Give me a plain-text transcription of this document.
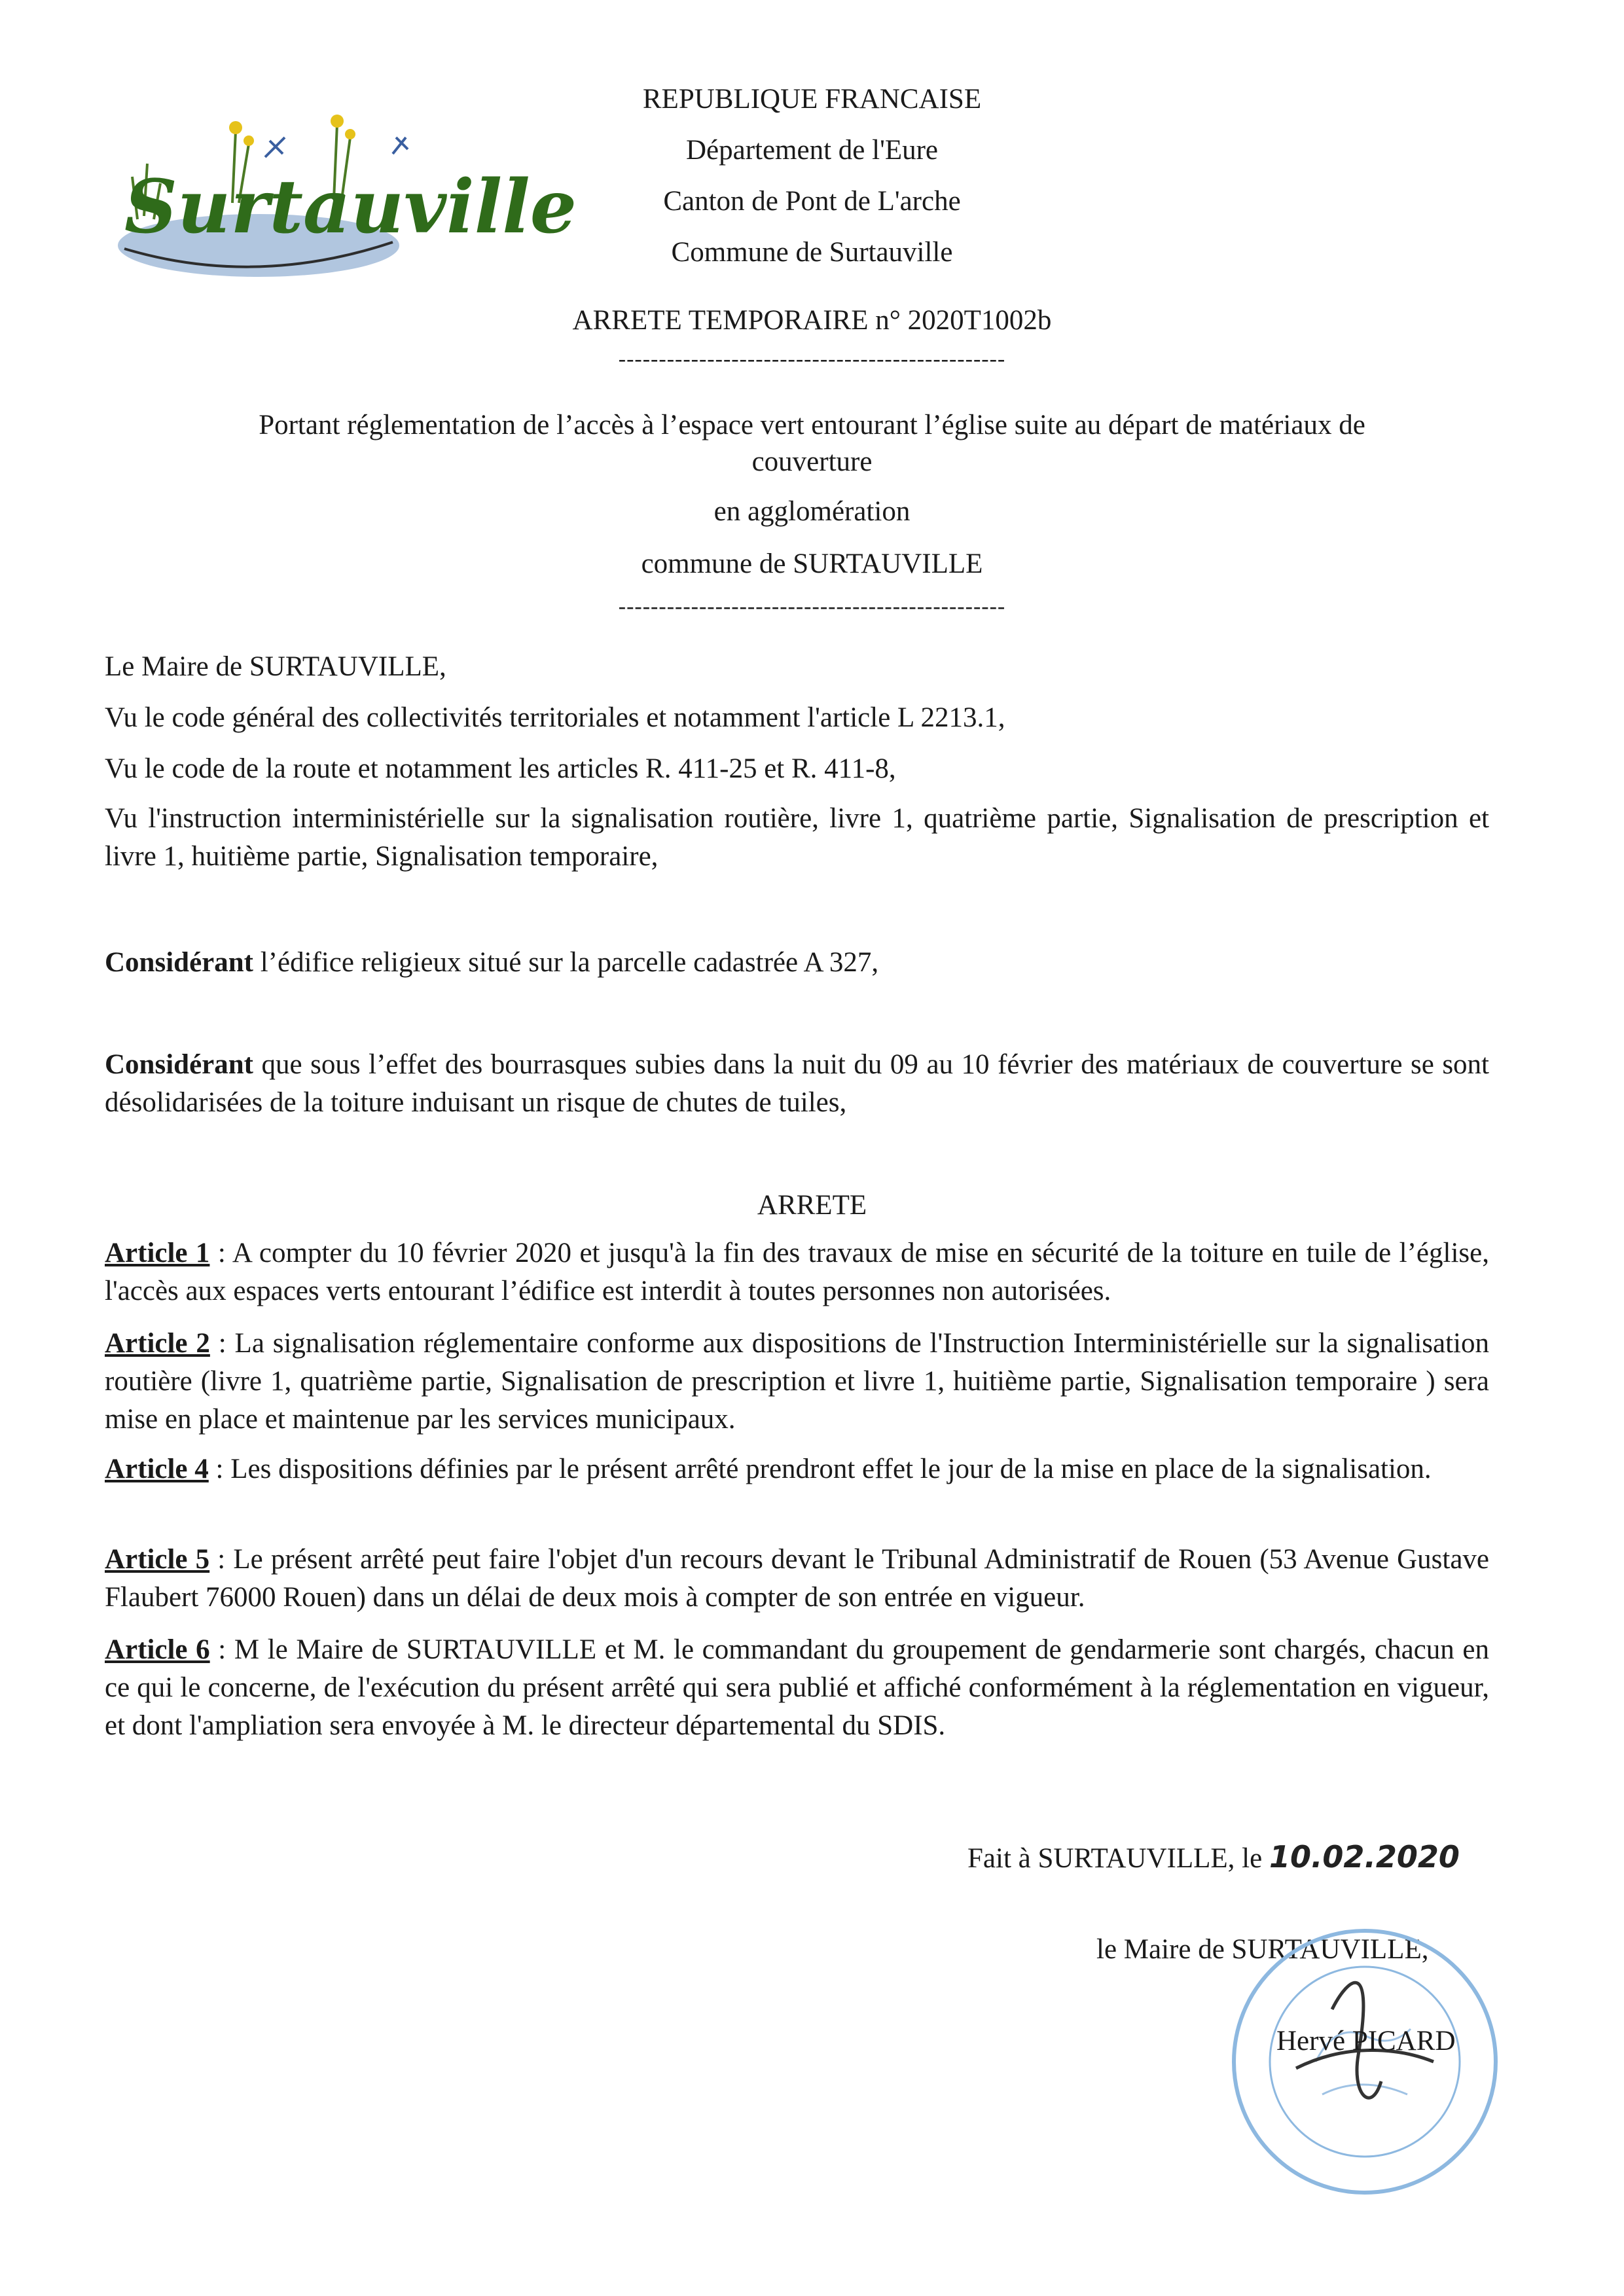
Surtauville
REPUBLIQUE FRANCAISE
Département de l'Eure
Canton de Pont de L'arche
Commune de Surtauville
ARRETE TEMPORAIRE n° 2020T1002b
------------------------------------------------
Portant réglementation de l’accès à l’espace vert entourant l’église suite au départ de matériaux de
couverture
en agglomération
commune de SURTAUVILLE
------------------------------------------------
Le Maire de SURTAUVILLE,
Vu le code général des collectivités territoriales et notamment l'article L 2213.1,
Vu le code de la route et notamment les articles R. 411-25 et R. 411-8,
Vu l'instruction interministérielle sur la signalisation routière, livre 1, quatrième partie, Signalisation de prescription et livre 1, huitième partie, Signalisation temporaire,
Considérant l’édifice religieux situé sur la parcelle cadastrée A 327,
Considérant que sous l’effet des bourrasques subies dans la nuit du 09 au 10 février des matériaux de couverture se sont désolidarisées de la toiture induisant un risque de chutes de tuiles,
ARRETE
Article 1 : A compter du 10 février 2020 et jusqu'à la fin des travaux de mise en sécurité de la toiture en tuile de l’église, l'accès aux espaces verts entourant l’édifice est interdit à toutes personnes non autorisées.
Article 2 : La signalisation réglementaire conforme aux dispositions de l'Instruction Interministérielle sur la signalisation routière (livre 1, quatrième partie, Signalisation de prescription et livre 1, huitième partie, Signalisation temporaire ) sera mise en place et maintenue par les services municipaux.
Article 4 : Les dispositions définies par le présent arrêté prendront effet le jour de la mise en place de la signalisation.
Article 5 : Le présent arrêté peut faire l'objet d'un recours devant le Tribunal Administratif de Rouen (53 Avenue Gustave Flaubert 76000 Rouen) dans un délai de deux mois à compter de son entrée en vigueur.
Article 6 : M le Maire de SURTAUVILLE et M. le commandant du groupement de gendarmerie sont chargés, chacun en ce qui le concerne, de l'exécution du présent arrêté qui sera publié et affiché conformément à la réglementation en vigueur, et dont l'ampliation sera envoyée à M. le directeur départemental du SDIS.
Fait à SURTAUVILLE, le 10.02.2020
le Maire de SURTAUVILLE,
Hervé PICARD
